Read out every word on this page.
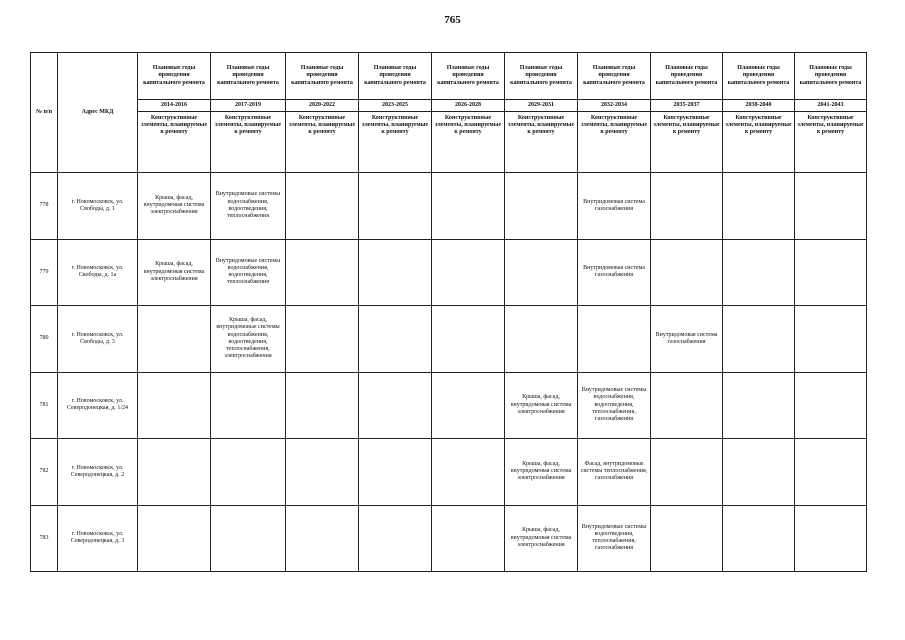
765
№ п/п	Адрес МКД	Плановые годы проведения капитального ремонта	Плановые годы проведения капитального ремонта	Плановые годы проведения капитального ремонта	Плановые годы проведения капитального ремонта	Плановые годы проведения капитального ремонта	Плановые годы проведения капитального ремонта	Плановые годы проведения капитального ремонта	Плановые годы проведения капитального ремонта	Плановые годы проведения капитального ремонта	Плановые годы проведения капитального ремонта
		2014-2016	2017-2019	2020-2022	2023-2025	2026-2028	2029-2031	2032-2034	2035-2037	2038-2040	2041-2043
		Конструктивные элементы, планируемые к ремонту	Конструктивные элементы, планируемые к ремонту	Конструктивные элементы, планируемые к ремонту	Конструктивные элементы, планируемые к ремонту	Конструктивные элементы, планируемые к ремонту	Конструктивные элементы, планируемые к ремонту	Конструктивные элементы, планируемые к ремонту	Конструктивные элементы, планируемые к ремонту	Конструктивные элементы, планируемые к ремонту	Конструктивные элементы, планируемые к ремонту
778	г. Новомосковск, ул. Свободы, д. 1	Крыша, фасад, внутридомовая система электроснабжения	Внутридомовые системы водоснабжения, водоотведения, теплоснабжения					Внутридомовая система газоснабжения			
779	г. Новомосковск, ул. Свободы, д. 1а	Крыша, фасад, внутридомовая система электроснабжения	Внутридомовые системы водоснабжения, водоотведения, теплоснабжения					Внутридомовая система газоснабжения			
780	г. Новомосковск, ул. Свободы, д. 3		Крыша, фасад, внутридомовые системы водоснабжения, водоотведения, теплоснабжения, электроснабжения						Внутридомовая система газоснабжения		
781	г. Новомосковск, ул. Северодонецкая, д. 1/24						Крыша, фасад, внутридомовая система электроснабжения	Внутридомовые системы водоснабжения, водоотведения, теплоснабжения, газоснабжения			
782	г. Новомосковск, ул. Северодонецкая, д. 2						Крыша, фасад, внутридомовая система электроснабжения	Фасад, внутридомовые системы теплоснабжения, газоснабжения			
783	г. Новомосковск, ул. Северодонецкая, д. 3						Крыша, фасад, внутридомовая система электроснабжения	Внутридомовые системы водоотведения, теплоснабжения, газоснабжения			
